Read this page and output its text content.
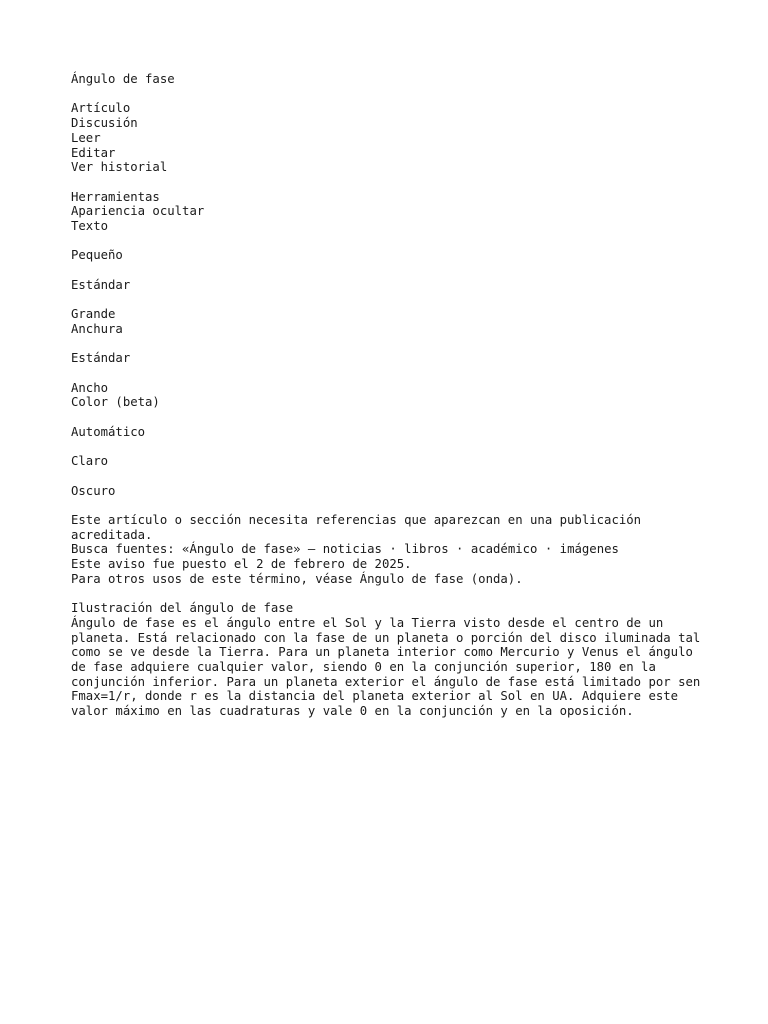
Ángulo de fase
Artículo
Discusión
Leer
Editar
Ver historial
Herramientas
Apariencia ocultar
Texto
Pequeño
Estándar
Grande
Anchura
Estándar
Ancho
Color (beta)
Automático
Claro
Oscuro
Este artículo o sección necesita referencias que aparezcan en una publicación acreditada.
Busca fuentes: «Ángulo de fase» – noticias · libros · académico · imágenes
Este aviso fue puesto el 2 de febrero de 2025.
Para otros usos de este término, véase Ángulo de fase (onda).
Ilustración del ángulo de fase
Ángulo de fase es el ángulo entre el Sol y la Tierra visto desde el centro de un planeta. Está relacionado con la fase de un planeta o porción del disco iluminada tal como se ve desde la Tierra. Para un planeta interior como Mercurio y Venus el ángulo de fase adquiere cualquier valor, siendo 0 en la conjunción superior, 180 en la conjunción inferior. Para un planeta exterior el ángulo de fase está limitado por sen Fmax=1/r, donde r es la distancia del planeta exterior al Sol en UA. Adquiere este valor máximo en las cuadraturas y vale 0 en la conjunción y en la oposición.
